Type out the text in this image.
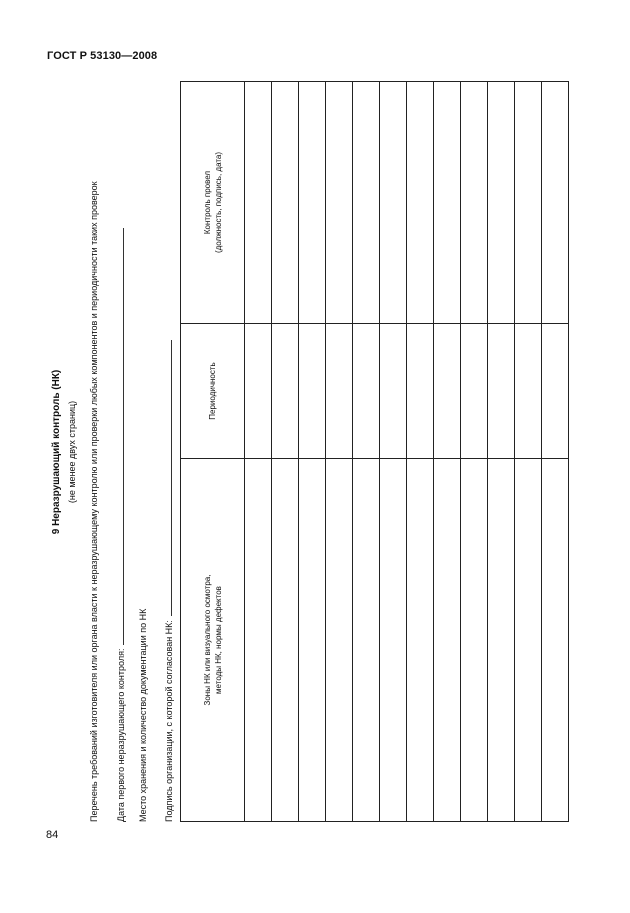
ГОСТ Р 53130—2008
9 Неразрушающий контроль (НК) (не менее двух страниц) Перечень требований изготовителя или органа власти к неразрушающему контролю или проверки любых компонентов и периодичности таких проверок Дата первого неразрушающего контроля: Место хранения и количество документации по НК Подпись организации, с которой согласован НК:	Зоны НК или визуального осмотра, методы НК, нормы дефектов	Периодичность	Контроль провел (должность, подпись, дата)

84
